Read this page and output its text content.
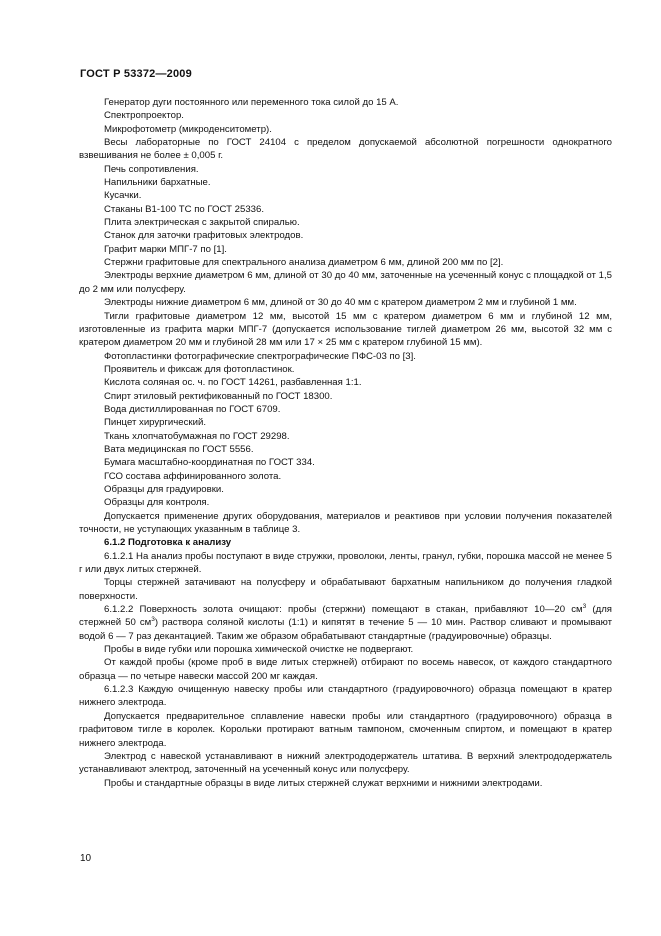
ГОСТ Р 53372—2009

Генератор дуги постоянного или переменного тока силой до 15 А.

Спектропроектор.

Микрофотометр (микроденситометр).

Весы лабораторные по ГОСТ 24104 с пределом допускаемой абсолютной погрешности однократного взвешивания не более ± 0,005 г.

Печь сопротивления.

Напильники бархатные.

Кусачки.

Стаканы В1-100 ТС по ГОСТ 25336.

Плита электрическая с закрытой спиралью.

Станок для заточки графитовых электродов.

Графит марки МПГ-7 по [1].

Стержни графитовые для спектрального анализа диаметром 6 мм, длиной 200 мм по [2].

Электроды верхние диаметром 6 мм, длиной от 30 до 40 мм, заточенные на усеченный конус с площадкой от 1,5 до 2 мм или полусферу.

Электроды нижние диаметром 6 мм, длиной от 30 до 40 мм с кратером диаметром 2 мм и глубиной 1 мм.

Тигли графитовые диаметром 12 мм, высотой 15 мм с кратером диаметром 6 мм и глубиной 12 мм, изготовленные из графита марки МПГ-7 (допускается использование тиглей диаметром 26 мм, высотой 32 мм с кратером диаметром 20 мм и глубиной 28 мм или 17 × 25 мм с кратером глубиной 15 мм).

Фотопластинки фотографические спектрографические ПФС-03 по [3].

Проявитель и фиксаж для фотопластинок.

Кислота соляная ос. ч. по ГОСТ 14261, разбавленная 1:1.

Спирт этиловый ректификованный по ГОСТ 18300.

Вода дистиллированная по ГОСТ 6709.

Пинцет хирургический.

Ткань хлопчатобумажная по ГОСТ 29298.

Вата медицинская по ГОСТ 5556.

Бумага масштабно-координатная по ГОСТ 334.

ГСО состава аффинированного золота.

Образцы для градуировки.

Образцы для контроля.

Допускается применение других оборудования, материалов и реактивов при условии получения показателей точности, не уступающих указанным в таблице 3.

6.1.2 Подготовка к анализу

6.1.2.1 На анализ пробы поступают в виде стружки, проволоки, ленты, гранул, губки, порошка массой не менее 5 г или двух литых стержней.

Торцы стержней затачивают на полусферу и обрабатывают бархатным напильником до получения гладкой поверхности.

6.1.2.2 Поверхность золота очищают: пробы (стержни) помещают в стакан, прибавляют 10—20 $см^3$ (для стержней 50 $см^3$) раствора соляной кислоты (1:1) и кипятят в течение 5 — 10 мин. Раствор сливают и промывают водой 6 — 7 раз декантацией. Таким же образом обрабатывают стандартные (градуировочные) образцы.

Пробы в виде губки или порошка химической очистке не подвергают.

От каждой пробы (кроме проб в виде литых стержней) отбирают по восемь навесок, от каждого стандартного образца — по четыре навески массой 200 мг каждая.

6.1.2.3 Каждую очищенную навеску пробы или стандартного (градуировочного) образца помещают в кратер нижнего электрода.

Допускается предварительное сплавление навески пробы или стандартного (градуировочного) образца в графитовом тигле в королек. Корольки протирают ватным тампоном, смоченным спиртом, и помещают в кратер нижнего электрода.

Электрод с навеской устанавливают в нижний электрододержатель штатива. В верхний электрододержатель устанавливают электрод, заточенный на усеченный конус или полусферу.

Пробы и стандартные образцы в виде литых стержней служат верхними и нижними электродами.

10
